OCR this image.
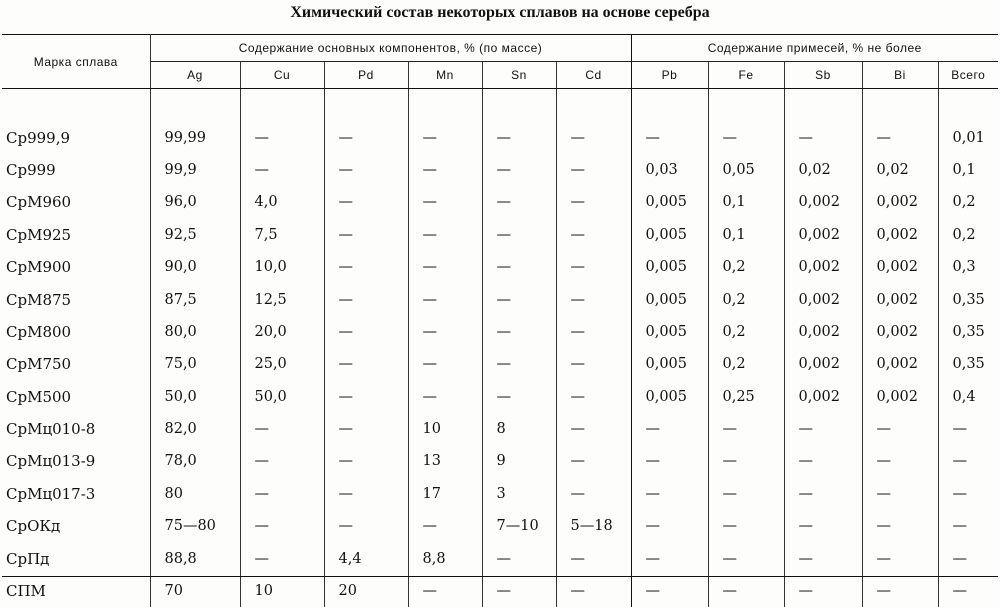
Химический состав некоторых сплавов на основе серебра
Марка сплава	Содержание основных компонентов, % (по массе)						Содержание примесей, % не более				
	Ag	Cu	Pd	Mn	Sn	Cd	Pb	Fe	Sb	Bi	Всего

Ср999,9	99,99	—	—	—	—	—	—	—	—	—	0,01
Ср999	99,9	—	—	—	—	—	0,03	0,05	0,02	0,02	0,1
СрМ960	96,0	4,0	—	—	—	—	0,005	0,1	0,002	0,002	0,2
СрМ925	92,5	7,5	—	—	—	—	0,005	0,1	0,002	0,002	0,2
СрМ900	90,0	10,0	—	—	—	—	0,005	0,2	0,002	0,002	0,3
СрМ875	87,5	12,5	—	—	—	—	0,005	0,2	0,002	0,002	0,35
СрМ800	80,0	20,0	—	—	—	—	0,005	0,2	0,002	0,002	0,35
СрМ750	75,0	25,0	—	—	—	—	0,005	0,2	0,002	0,002	0,35
СрМ500	50,0	50,0	—	—	—	—	0,005	0,25	0,002	0,002	0,4
СрМц010-8	82,0	—	—	10	8	—	—	—	—	—	—
СрМц013-9	78,0	—	—	13	9	—	—	—	—	—	—
СрМц017-3	80	—	—	17	3	—	—	—	—	—	—
СрОКд	75—80	—	—	—	7—10	5—18	—	—	—	—	—
СрПд	88,8	—	4,4	8,8	—	—	—	—	—	—	—
СПМ	70	10	20	—	—	—	—	—	—	—	—
